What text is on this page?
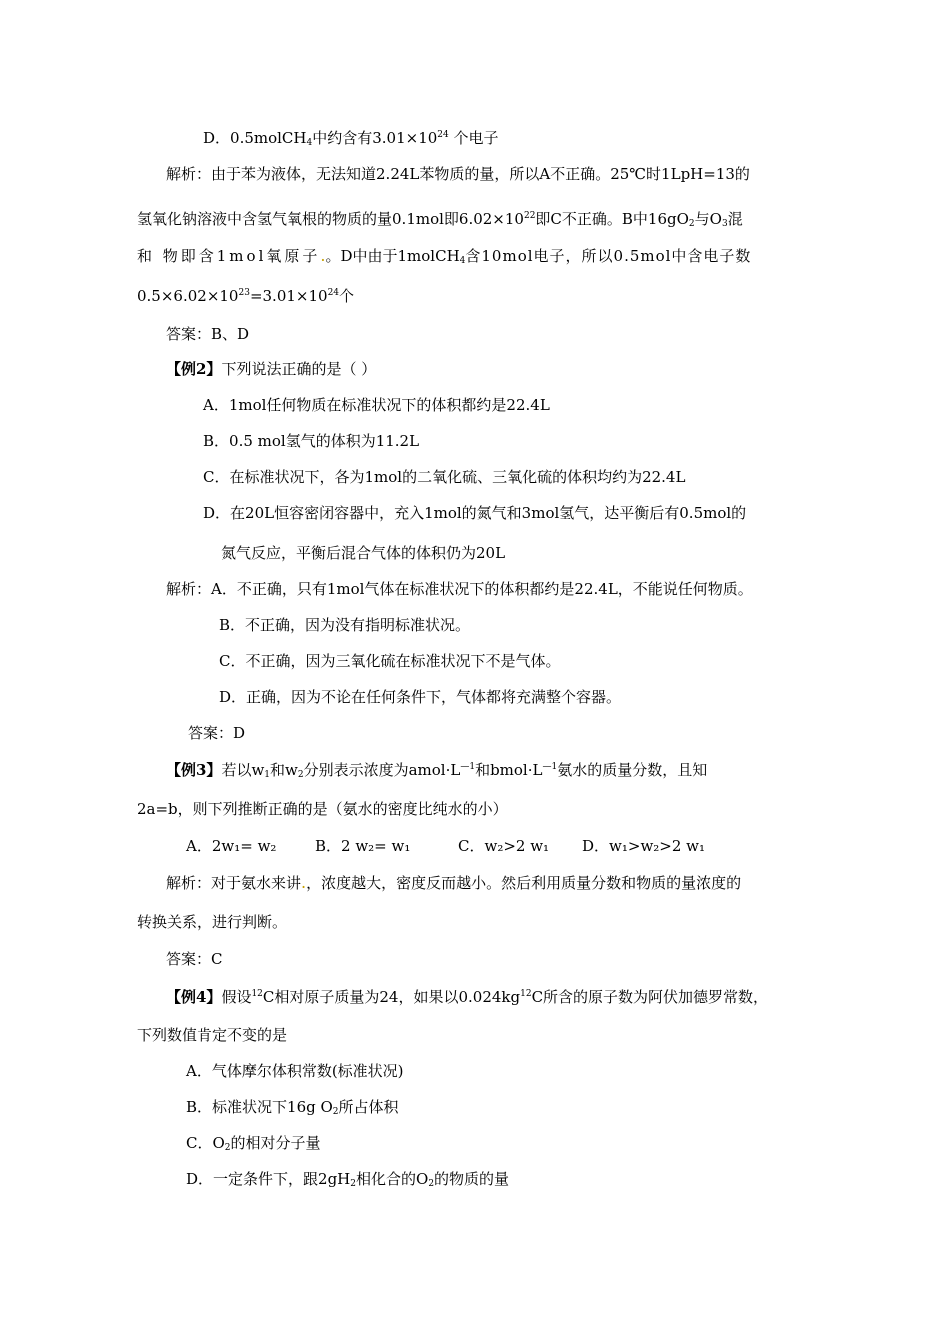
D．0.5molCH$_4$中约含有$3.01\times 10^{24}$ 个电子
解析：由于苯为液体，无法知道2.24L苯物质的量，所以A不正确。25℃时1LpH=13的
氢氧化钠溶液中含氢气氧根的物质的量0.1mol即$6.02\times 10^{22}$即C不正确。B中$16gO_2$与$O_3$混
和 物即含1mol氧原子.。D中由于1molCH$_4$含10mol电子，所以0.5mol中含电子数
$0.5\times 6.02\times 10^{23}=3.01\times 10^{24}$个
答案：B、D
【例2】下列说法正确的是（ ）
A．1mol任何物质在标准状况下的体积都约是22.4L
B．0.5 mol氢气的体积为11.2L
C．在标准状况下，各为1mol的二氧化硫、三氧化硫的体积均约为22.4L
D．在20L恒容密闭容器中，充入1mol的氮气和3mol氢气，达平衡后有0.5mol的
氮气反应，平衡后混合气体的体积仍为20L
解析：A．不正确，只有1mol气体在标准状况下的体积都约是22.4L，不能说任何物质。
B．不正确，因为没有指明标准状况。
C．不正确，因为三氧化硫在标准状况下不是气体。
D．正确，因为不论在任何条件下，气体都将充满整个容器。
答案：D
【例3】若以$w_1$和$w_2$分别表示浓度为$amol\cdot L^{—1}$和$bmol\cdot L^{—1}$氨水的质量分数，且知
2a=b，则下列推断正确的是（氨水的密度比纯水的小）
A．2w₁= w₂	B．2 w₂= w₁	C．w₂>2 w₁ D．w₁>w₂>2 w₁
解析：对于氨水来讲.，浓度越大，密度反而越小。然后利用质量分数和物质的量浓度的
转换关系，进行判断。
答案：C
【例4】假设$^{12}$C相对原子质量为24，如果以$0.024kg^{12}C$所含的原子数为阿伏加德罗常数，
下列数值肯定不变的是
A．气体摩尔体积常数(标准状况)
B．标准状况下16g $O_2$所占体积
C．$O_2$的相对分子量
D．一定条件下，跟$2gH_2$相化合的$O_2$的物质的量
